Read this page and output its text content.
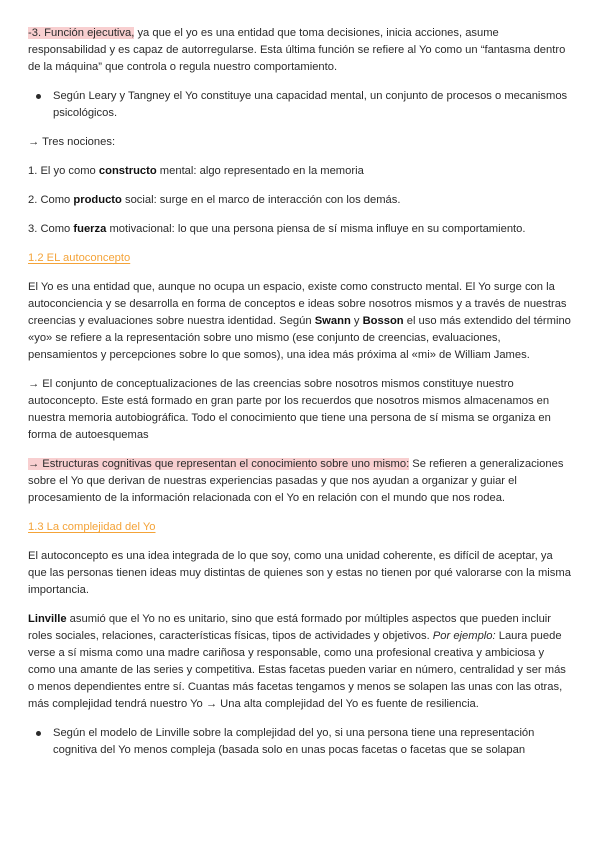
-3. Función ejecutiva, ya que el yo es una entidad que toma decisiones, inicia acciones, asume responsabilidad y es capaz de autorregularse. Esta última función se refiere al Yo como un “fantasma dentro de la máquina” que controla o regula nuestro comportamiento.

Según Leary y Tangney el Yo constituye una capacidad mental, un conjunto de procesos o mecanismos psicológicos.

→ Tres nociones:

1. El yo como constructo mental: algo representado en la memoria

2. Como producto social: surge en el marco de interacción con los demás.

3. Como fuerza motivacional: lo que una persona piensa de sí misma influye en su comportamiento.

1.2 EL autoconcepto

El Yo es una entidad que, aunque no ocupa un espacio, existe como constructo mental. El Yo surge con la autoconciencia y se desarrolla en forma de conceptos e ideas sobre nosotros mismos y a través de nuestras creencias y evaluaciones sobre nuestra identidad. Según Swann y Bosson el uso más extendido del término «yo» se refiere a la representación sobre uno mismo (ese conjunto de creencias, evaluaciones, pensamientos y percepciones sobre lo que somos), una idea más próxima al «mi» de William James.

→ El conjunto de conceptualizaciones de las creencias sobre nosotros mismos constituye nuestro autoconcepto. Este está formado en gran parte por los recuerdos que nosotros mismos almacenamos en nuestra memoria autobiográfica. Todo el conocimiento que tiene una persona de sí misma se organiza en forma de autoesquemas

→ Estructuras cognitivas que representan el conocimiento sobre uno mismo: Se refieren a generalizaciones sobre el Yo que derivan de nuestras experiencias pasadas y que nos ayudan a organizar y guiar el procesamiento de la información relacionada con el Yo en relación con el mundo que nos rodea.

1.3 La complejidad del Yo

El autoconcepto es una idea integrada de lo que soy, como una unidad coherente, es difícil de aceptar, ya que las personas tienen ideas muy distintas de quienes son y estas no tienen por qué valorarse con la misma importancia.

Linville asumió que el Yo no es unitario, sino que está formado por múltiples aspectos que pueden incluir roles sociales, relaciones, características físicas, tipos de actividades y objetivos. Por ejemplo: Laura puede verse a sí misma como una madre cariñosa y responsable, como una profesional creativa y ambiciosa y como una amante de las series y competitiva. Estas facetas pueden variar en número, centralidad y ser más o menos dependientes entre sí. Cuantas más facetas tengamos y menos se solapen las unas con las otras, más complejidad tendrá nuestro Yo → Una alta complejidad del Yo es fuente de resiliencia.

Según el modelo de Linville sobre la complejidad del yo, si una persona tiene una representación cognitiva del Yo menos compleja (basada solo en unas pocas facetas o facetas que se solapan
